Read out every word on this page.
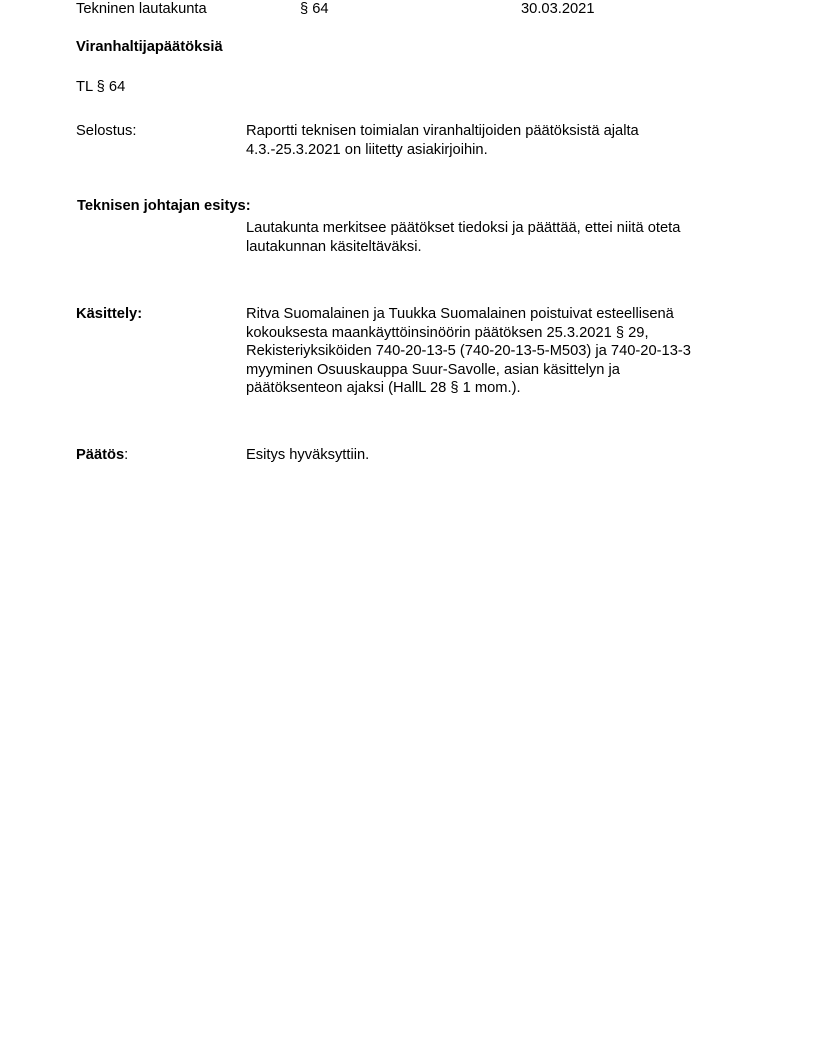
Tekninen lautakunta	§ 64	30.03.2021
Viranhaltijapäätöksiä
TL § 64
Selostus:	Raportti teknisen toimialan viranhaltijoiden päätöksistä ajalta
4.3.-25.3.2021 on liitetty asiakirjoihin.
Teknisen johtajan esitys:
Lautakunta merkitsee päätökset tiedoksi ja päättää, ettei niitä oteta
lautakunnan käsiteltäväksi.
Käsittely:	Ritva Suomalainen ja Tuukka Suomalainen poistuivat esteellisenä
kokouksesta maankäyttöinsinöörin päätöksen 25.3.2021 § 29,
Rekisteriyksiköiden 740-20-13-5 (740-20-13-5-M503) ja 740-20-13-3
myyminen Osuuskauppa Suur-Savolle, asian käsittelyn ja
päätöksenteon ajaksi (HallL 28 § 1 mom.).
Päätös:	Esitys hyväksyttiin.
